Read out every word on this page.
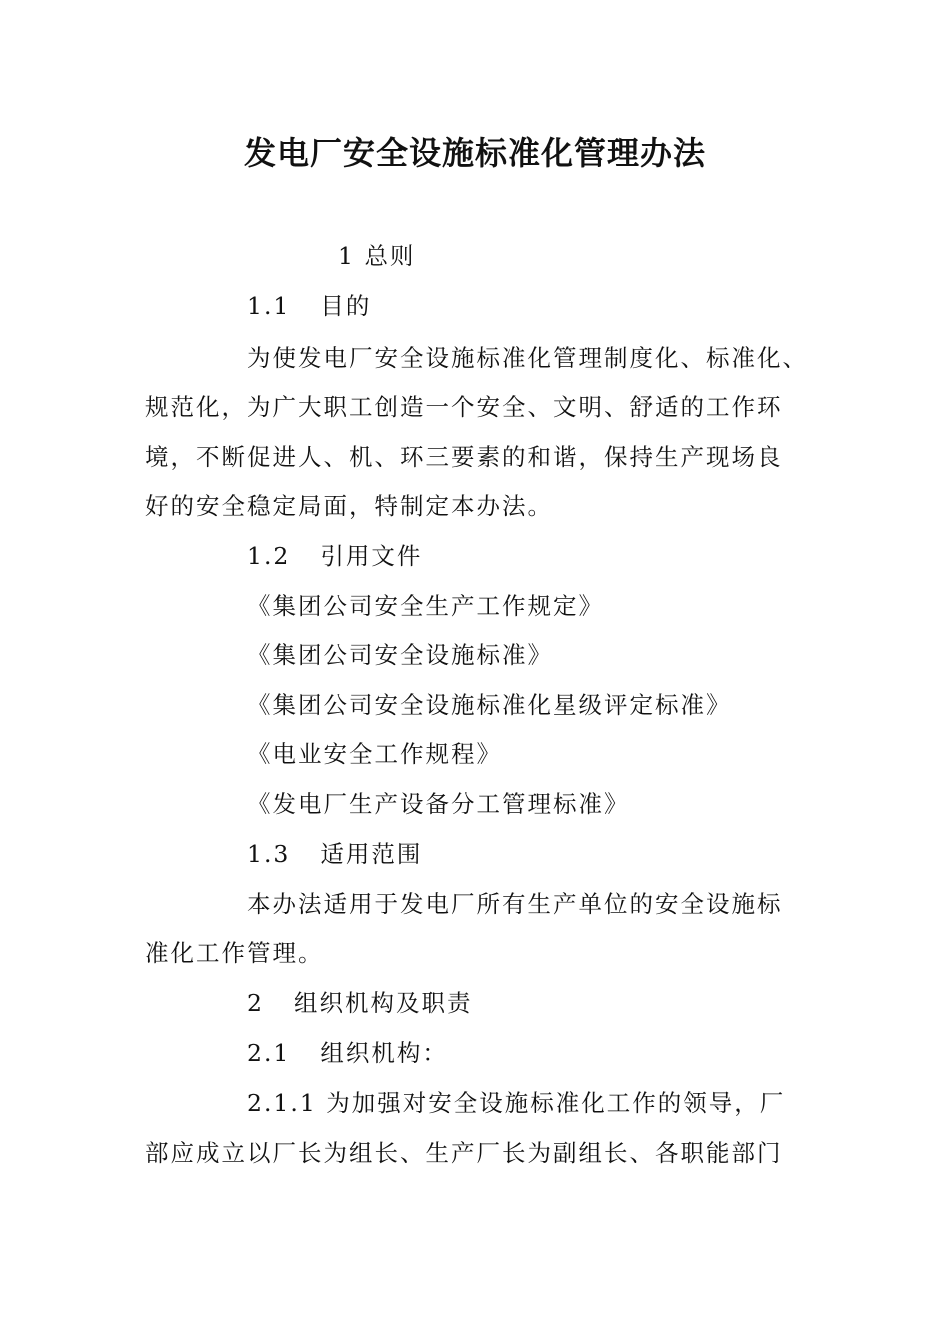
发电厂安全设施标准化管理办法
1 总则
1.1 目的
为使发电厂安全设施标准化管理制度化、标准化、
规范化，为广大职工创造一个安全、文明、舒适的工作环
境，不断促进人、机、环三要素的和谐，保持生产现场良
好的安全稳定局面，特制定本办法。
1.2 引用文件
《集团公司安全生产工作规定》
《集团公司安全设施标准》
《集团公司安全设施标准化星级评定标准》
《电业安全工作规程》
《发电厂生产设备分工管理标准》
1.3 适用范围
本办法适用于发电厂所有生产单位的安全设施标
准化工作管理。
2 组织机构及职责
2.1 组织机构：
2.1.1 为加强对安全设施标准化工作的领导，厂
部应成立以厂长为组长、生产厂长为副组长、各职能部门
